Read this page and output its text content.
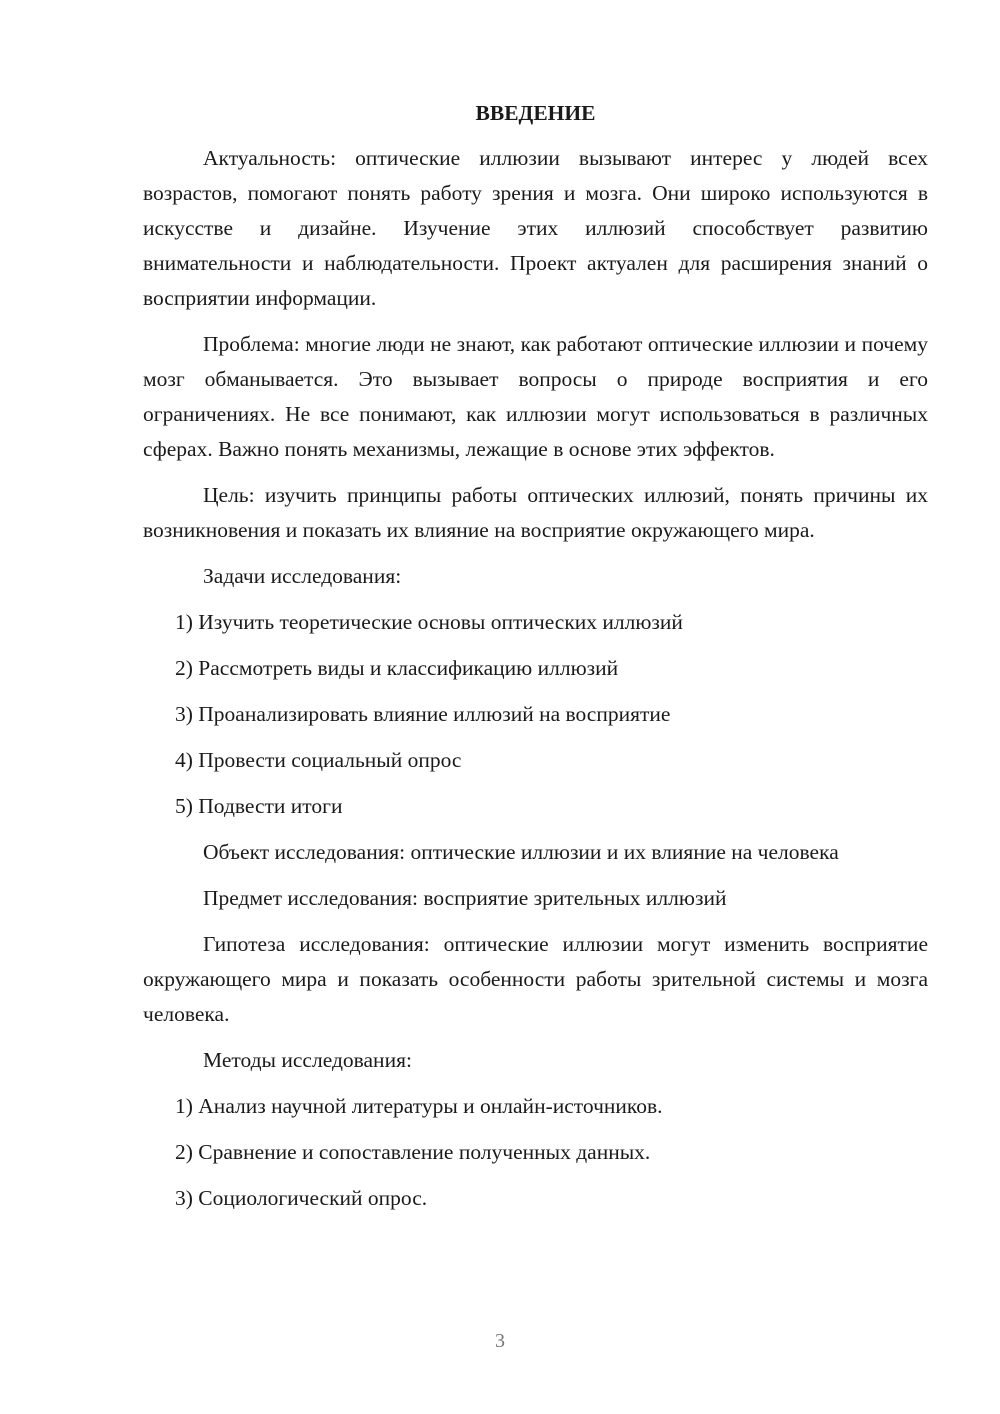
ВВЕДЕНИЕ

Актуальность: оптические иллюзии вызывают интерес у людей всех возрастов, помогают понять работу зрения и мозга. Они широко используются в искусстве и дизайне. Изучение этих иллюзий способствует развитию внимательности и наблюдательности. Проект актуален для расширения знаний о восприятии информации.

Проблема: многие люди не знают, как работают оптические иллюзии и почему мозг обманывается. Это вызывает вопросы о природе восприятия и его ограничениях. Не все понимают, как иллюзии могут использоваться в различных сферах. Важно понять механизмы, лежащие в основе этих эффектов.

Цель: изучить принципы работы оптических иллюзий, понять причины их возникновения и показать их влияние на восприятие окружающего мира.

Задачи исследования:

1) Изучить теоретические основы оптических иллюзий
2) Рассмотреть виды и классификацию иллюзий
3) Проанализировать влияние иллюзий на восприятие
4) Провести социальный опрос
5) Подвести итоги

Объект исследования: оптические иллюзии и их влияние на человека

Предмет исследования: восприятие зрительных иллюзий

Гипотеза исследования: оптические иллюзии могут изменить восприятие окружающего мира и показать особенности работы зрительной системы и мозга человека.

Методы исследования:

1) Анализ научной литературы и онлайн-источников.
2) Сравнение и сопоставление полученных данных.
3) Социологический опрос.
3
